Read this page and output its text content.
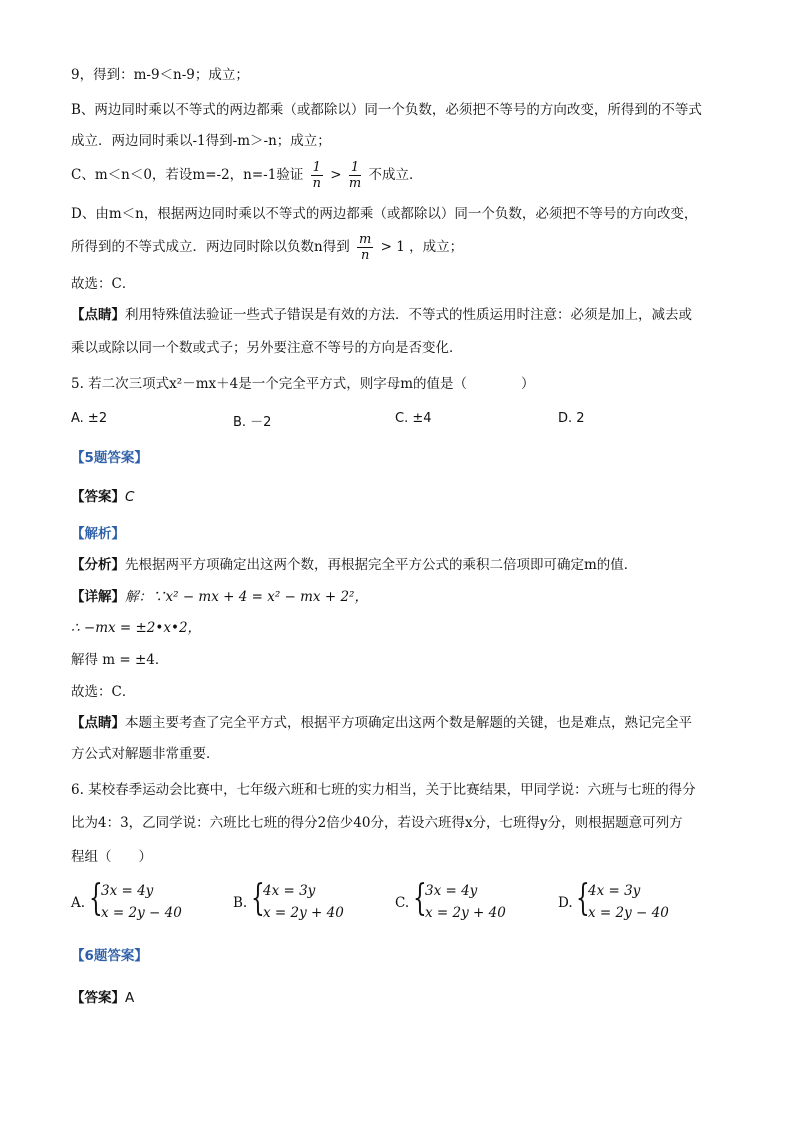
9，得到：m-9＜n-9；成立；
B、两边同时乘以不等式的两边都乘（或都除以）同一个负数，必须把不等号的方向改变，所得到的不等式
成立．两边同时乘以-1得到-m＞-n；成立；
C、m＜n＜0，若设m=-2，n=-1验证 $\frac{1}{n} > \frac{1}{m}$ 不成立．
D、由m＜n，根据两边同时乘以不等式的两边都乘（或都除以）同一个负数，必须把不等号的方向改变，
所得到的不等式成立．两边同时除以负数n得到 $\frac{m}{n} > 1$ ，成立；
故选：C．
【点睛】利用特殊值法验证一些式子错误是有效的方法．不等式的性质运用时注意：必须是加上，减去或
乘以或除以同一个数或式子；另外要注意不等号的方向是否变化．
5. 若二次三项式x²－mx＋4是一个完全平方式，则字母m的值是（　　　　）
A. ±2	B. －2	C. ±4	D. 2
【5题答案】
【答案】C
【解析】
【分析】先根据两平方项确定出这两个数，再根据完全平方公式的乘积二倍项即可确定m的值．
【详解】解：∵x² − mx + 4 = x² − mx + 2²，
∴ −mx = ±2•x•2，
解得 m = ±4．
故选：C．
【点睛】本题主要考查了完全平方式，根据平方项确定出这两个数是解题的关键，也是难点，熟记完全平
方公式对解题非常重要．
6. 某校春季运动会比赛中，七年级六班和七班的实力相当，关于比赛结果，甲同学说：六班与七班的得分
比为4：3，乙同学说：六班比七班的得分2倍少40分，若设六班得x分，七班得y分，则根据题意可列方
程组（　　）
A. {
3x = 4y
x = 2y − 40
B. {
4x = 3y
x = 2y + 40
C. {
3x = 4y
x = 2y + 40
D. {
4x = 3y
x = 2y − 40
【6题答案】
【答案】A
